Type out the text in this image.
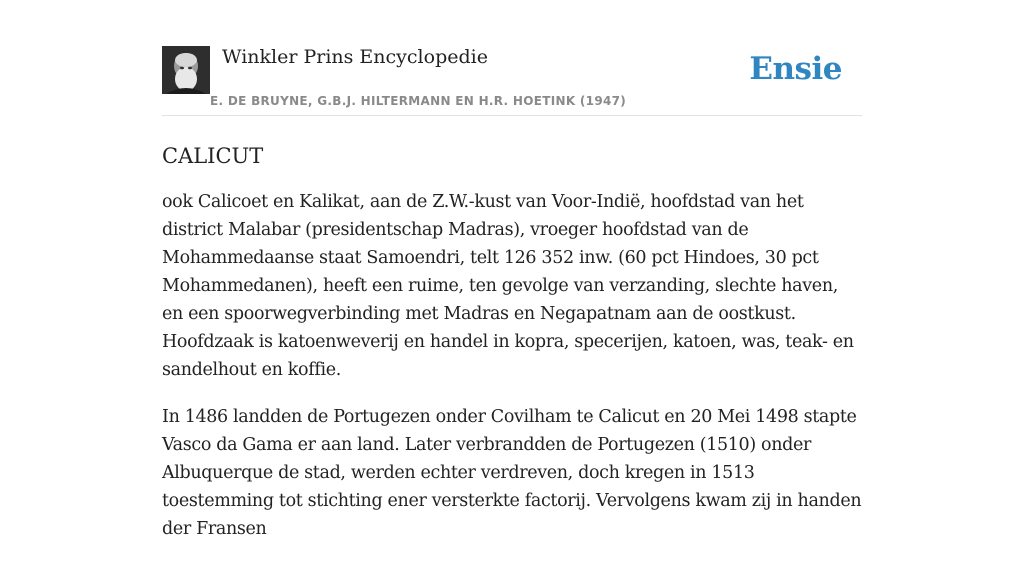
Winkler Prins Encyclopedie
E. DE BRUYNE, G.B.J. HILTERMANN EN H.R. HOETINK (1947)
Ensie
CALICUT

ook Calicoet en Kalikat, aan de Z.W.-kust van Voor-Indië, hoofdstad van het district Malabar (presidentschap Madras), vroeger hoofdstad van de Mohammedaanse staat Samoendri, telt 126 352 inw. (60 pct Hindoes, 30 pct Mohammedanen), heeft een ruime, ten gevolge van verzanding, slechte haven, en een spoorwegverbinding met Madras en Negapatnam aan de oostkust. Hoofdzaak is katoenweverij en handel in kopra, specerijen, katoen, was, teak- en sandelhout en koffie.

In 1486 landden de Portugezen onder Covilham te Calicut en 20 Mei 1498 stapte Vasco da Gama er aan land. Later verbrandden de Portugezen (1510) onder Albuquerque de stad, werden echter verdreven, doch kregen in 1513 toestemming tot stichting ener versterkte factorij. Vervolgens kwam zij in handen der Fransen
